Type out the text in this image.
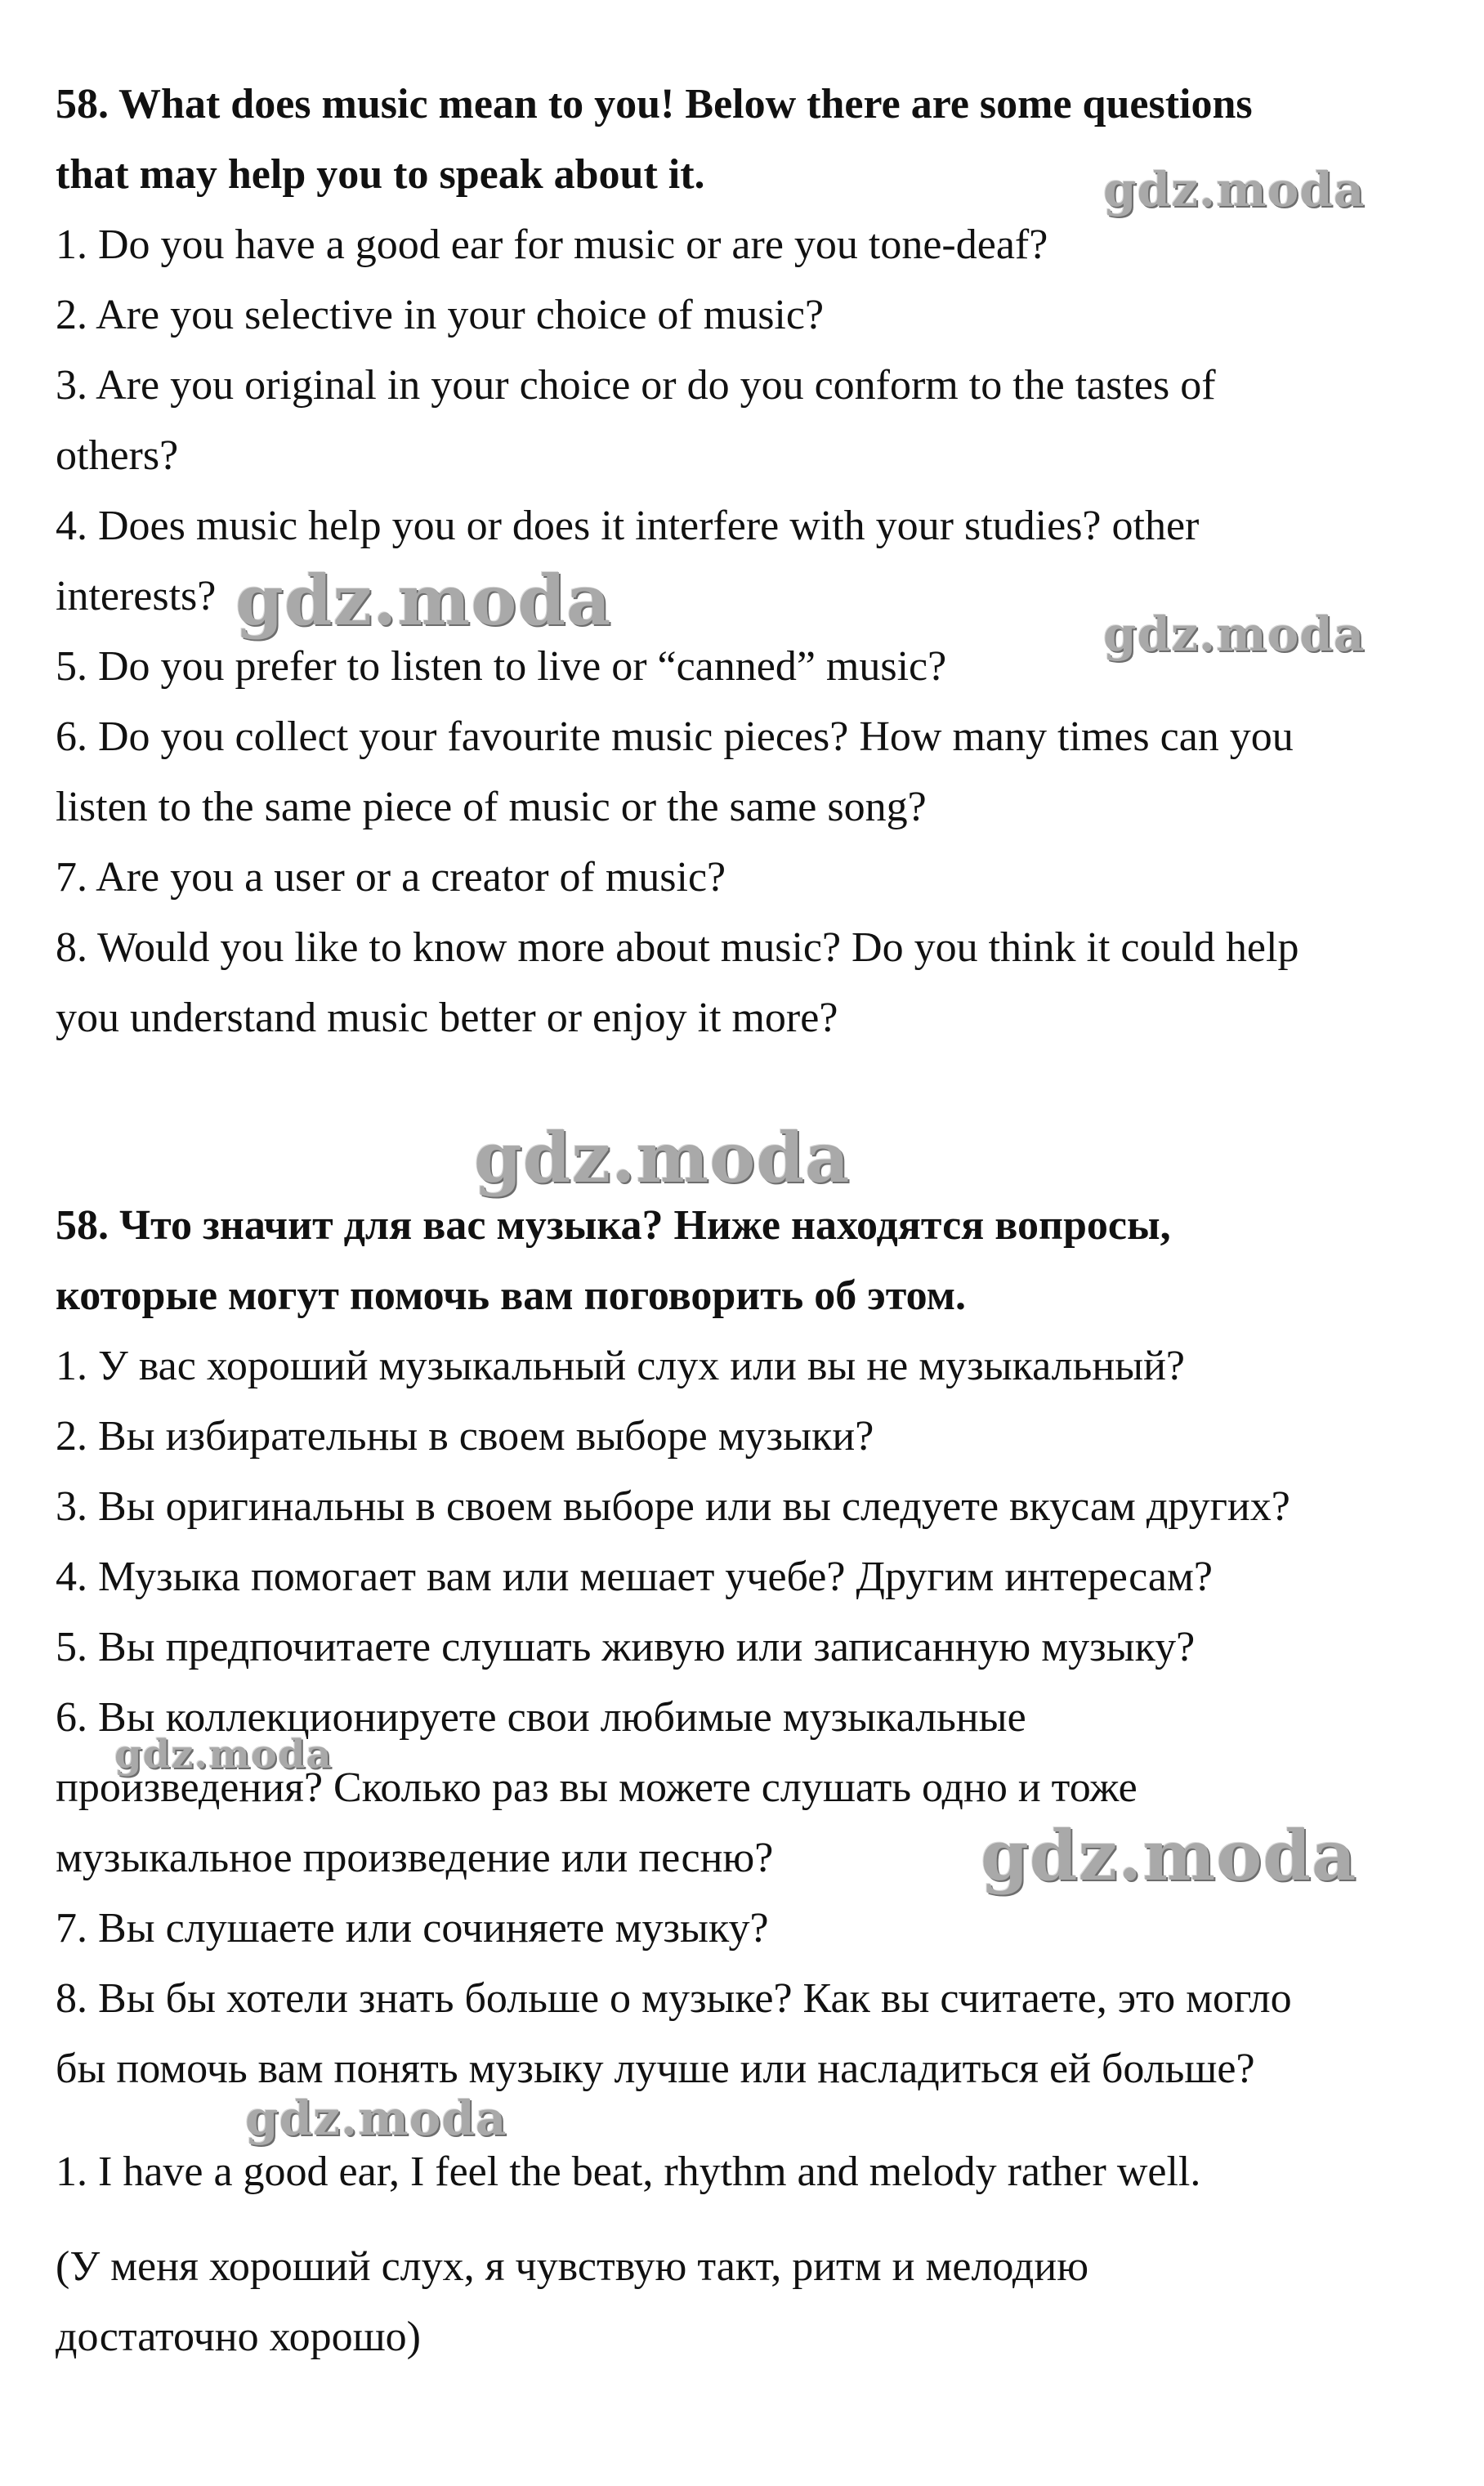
58. What does music mean to you! Below there are some questions
that may help you to speak about it.
1. Do you have a good ear for music or are you tone-deaf?
2. Are you selective in your choice of music?
3. Are you original in your choice or do you conform to the tastes of
others?
4. Does music help you or does it interfere with your studies? other
interests?
5. Do you prefer to listen to live or “canned” music?
6. Do you collect your favourite music pieces? How many times can you
listen to the same piece of music or the same song?
7. Are you a user or a creator of music?
8. Would you like to know more about music? Do you think it could help
you understand music better or enjoy it more?
58. Что значит для вас музыка? Ниже находятся вопросы,
которые могут помочь вам поговорить об этом.
1. У вас хороший музыкальный слух или вы не музыкальный?
2. Вы избирательны в своем выборе музыки?
3. Вы оригинальны в своем выборе или вы следуете вкусам других?
4. Музыка помогает вам или мешает учебе? Другим интересам?
5. Вы предпочитаете слушать живую или записанную музыку?
6. Вы коллекционируете свои любимые музыкальные
произведения? Сколько раз вы можете слушать одно и тоже
музыкальное произведение или песню?
7. Вы слушаете или сочиняете музыку?
8. Вы бы хотели знать больше о музыке? Как вы считаете, это могло
бы помочь вам понять музыку лучше или насладиться ей больше?
1. I have a good ear, I feel the beat, rhythm and melody rather well.
(У меня хороший слух, я чувствую такт, ритм и мелодию
достаточно хорошо)
gdz.moda
gdz.moda	gdz.moda
gdz.moda
gdz.moda
gdz.moda
gdz.moda
